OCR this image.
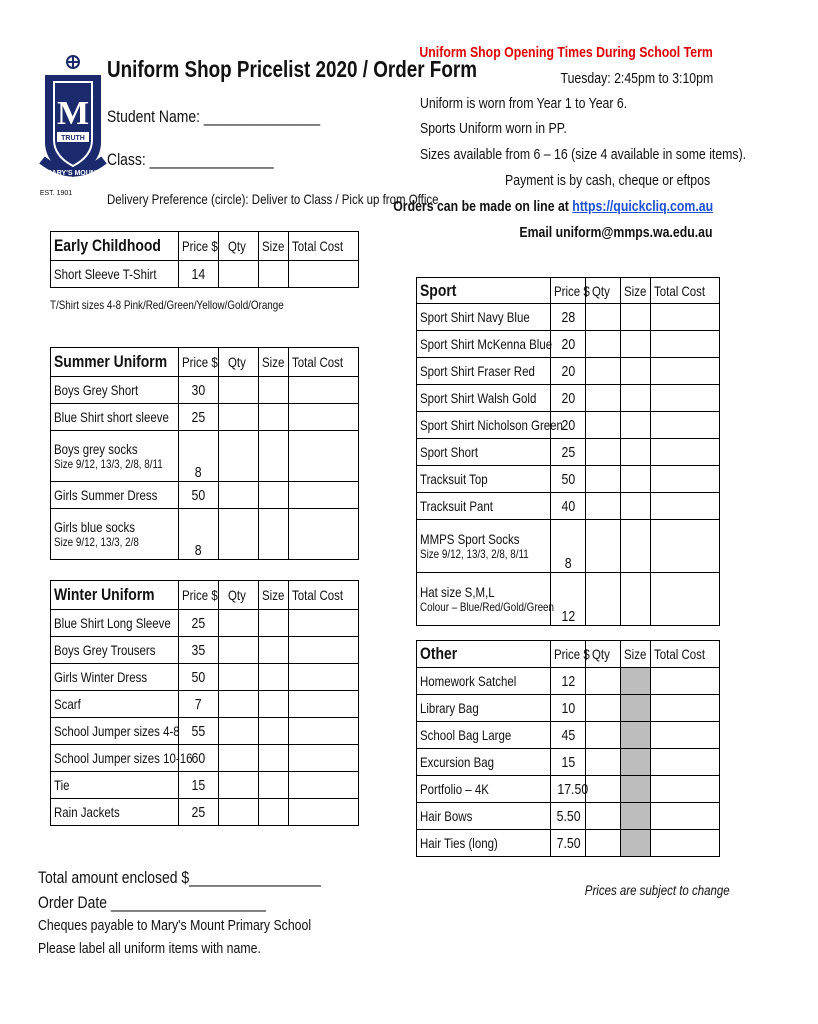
M
TRUTH
MARY'S MOUNT
EST. 1901
Uniform Shop Pricelist 2020 / Order Form
Student Name: _______________
Class: ________________
Delivery Preference (circle): Deliver to Class / Pick up from Office
Uniform Shop Opening Times During School Term
Tuesday: 2:45pm to 3:10pm
Uniform is worn from Year 1 to Year 6.
Sports Uniform worn in PP.
Sizes available from 6 – 16 (size 4 available in some items).
Payment is by cash, cheque or eftpos
Orders can be made on line at https://quickcliq.com.au
Email uniform@mmps.wa.edu.au
Early Childhood	Price $	Qty	Size	Total Cost
Short Sleeve T-Shirt	14			
T/Shirt sizes 4-8 Pink/Red/Green/Yellow/Gold/Orange
Summer Uniform	Price $	Qty	Size	Total Cost
Boys Grey Short	30			
Blue Shirt short sleeve	25			
Boys grey socks
Size 9/12, 13/3, 2/8, 8/11	8			
Girls Summer Dress	50			
Girls blue socks
Size 9/12, 13/3, 2/8	8			
Winter Uniform	Price $	Qty	Size	Total Cost
Blue Shirt Long Sleeve	25			
Boys Grey Trousers	35			
Girls Winter Dress	50			
Scarf	7			
School Jumper sizes 4-8	55			
School Jumper sizes 10-16	60			
Tie	15			
Rain Jackets	25			
Sport	Price $	Qty	Size	Total Cost
Sport Shirt Navy Blue	28			
Sport Shirt McKenna Blue	20			
Sport Shirt Fraser Red	20			
Sport Shirt Walsh Gold	20			
Sport Shirt Nicholson Green	20			
Sport Short	25			
Tracksuit Top	50			
Tracksuit Pant	40			
MMPS Sport Socks
Size 9/12, 13/3, 2/8, 8/11	8			
Hat size S,M,L
Colour – Blue/Red/Gold/Green	12			
Other	Price $	Qty	Size	Total Cost
Homework Satchel	12			
Library Bag	10			
School Bag Large	45			
Excursion Bag	15			
Portfolio – 4K	17.50			
Hair Bows	5.50			
Hair Ties (long)	7.50			
Total amount enclosed $_________________
Order Date ____________________
Cheques payable to Mary's Mount Primary School
Please label all uniform items with name.
Prices are subject to change
